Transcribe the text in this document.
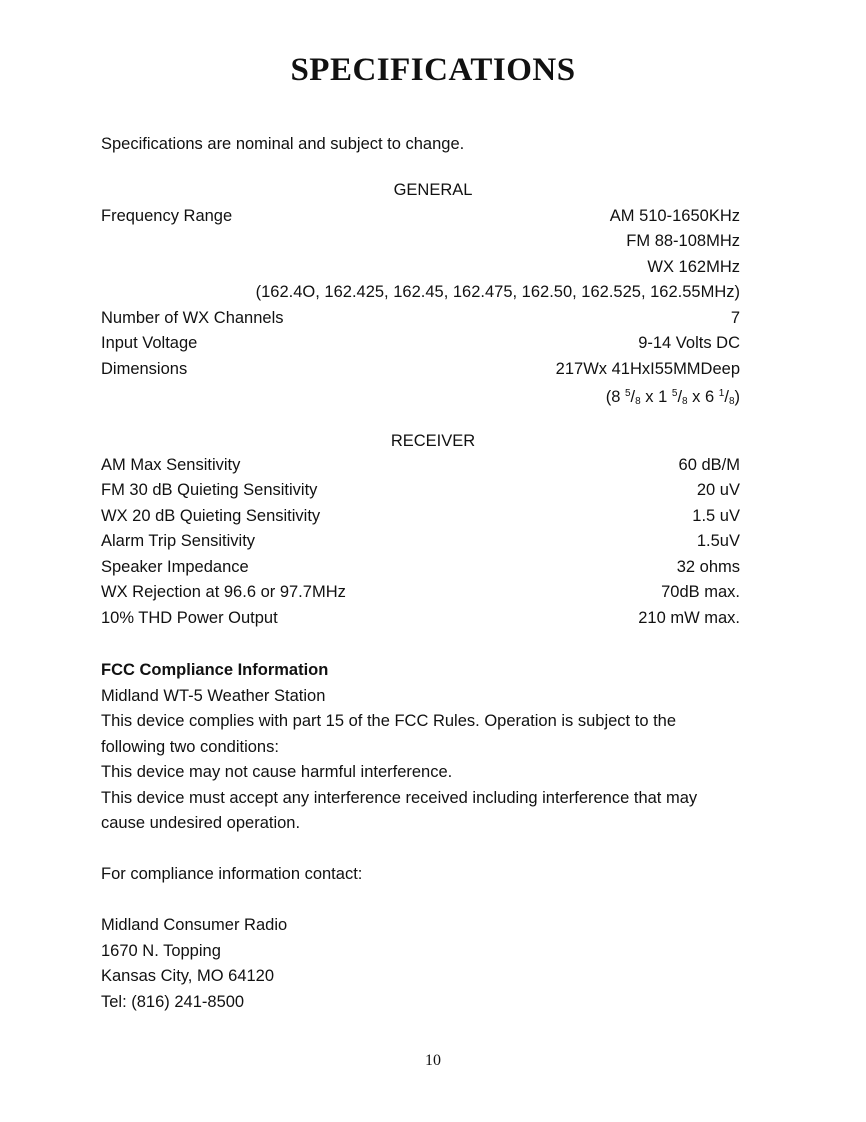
SPECIFICATIONS
Specifications are nominal and subject to change.
GENERAL
Frequency Range	AM 510-1650KHz
FM 88-108MHz
WX 162MHz
(162.4O, 162.425, 162.45, 162.475, 162.50, 162.525, 162.55MHz)
Number of WX Channels	7
Input Voltage	9-14 Volts DC
Dimensions	217Wx 41HxI55MMDeep
(8 $^5/_8$ x 1 $^5/_8$ x 6 $^1/_8$)
RECEIVER
AM Max Sensitivity	60 dB/M
FM 30 dB Quieting Sensitivity	20 uV
WX 20 dB Quieting Sensitivity	1.5 uV
Alarm Trip Sensitivity	1.5uV
Speaker Impedance	32 ohms
WX Rejection at 96.6 or 97.7MHz	70dB max.
10% THD Power Output	210 mW max.
FCC Compliance Information
Midland WT-5 Weather Station
This device complies with part 15 of the FCC Rules. Operation is subject to the
following two conditions:
This device may not cause harmful interference.
This device must accept any interference received including interference that may
cause undesired operation.
For compliance information contact:
Midland Consumer Radio
1670 N. Topping
Kansas City, MO 64120
Tel: (816) 241-8500
10
